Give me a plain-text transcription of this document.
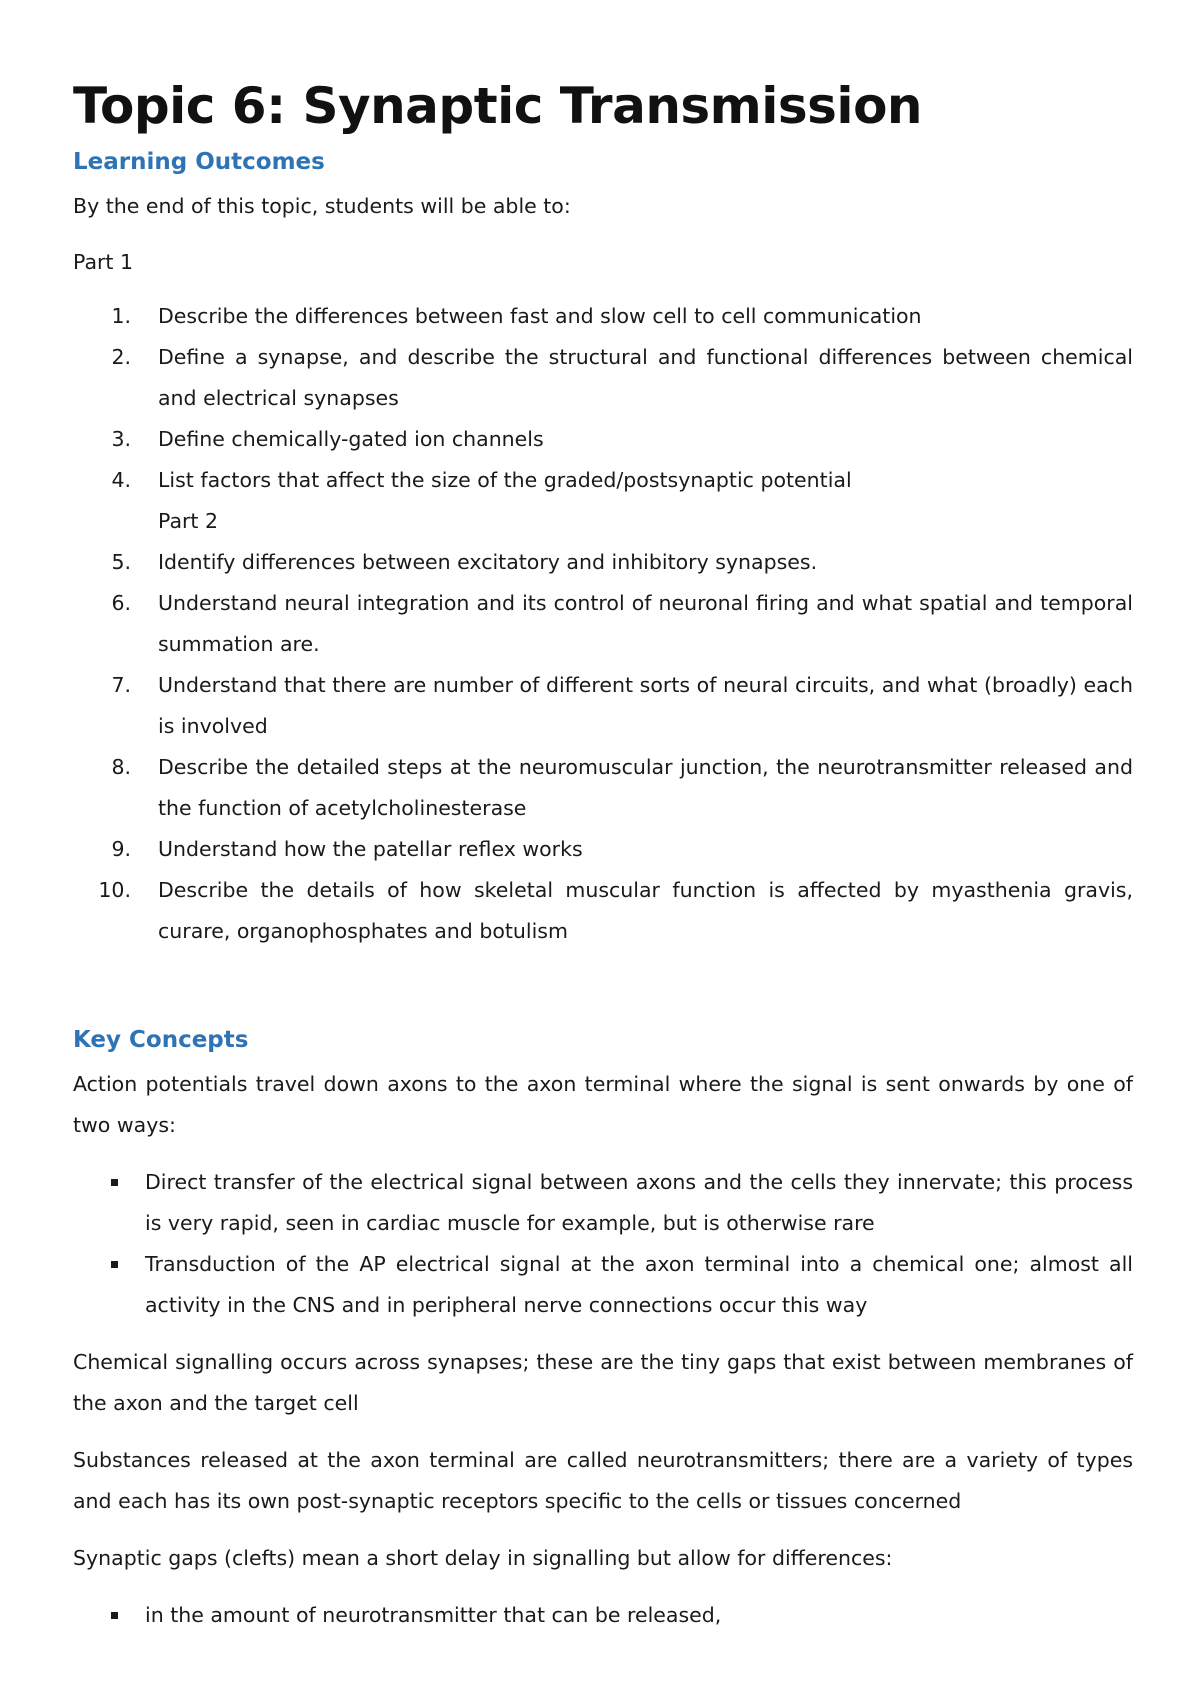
Topic 6: Synaptic Transmission
Learning Outcomes

By the end of this topic, students will be able to:

Part 1

1. Describe the differences between fast and slow cell to cell communication
2. Define a synapse, and describe the structural and functional differences between chemical and electrical synapses
3. Define chemically-gated ion channels
4. List factors that affect the size of the graded/postsynaptic potential
Part 2
5. Identify differences between excitatory and inhibitory synapses.
6. Understand neural integration and its control of neuronal firing and what spatial and temporal summation are.
7. Understand that there are number of different sorts of neural circuits, and what (broadly) each is involved
8. Describe the detailed steps at the neuromuscular junction, the neurotransmitter released and the function of acetylcholinesterase
9. Understand how the patellar reflex works
10. Describe the details of how skeletal muscular function is affected by myasthenia gravis, curare, organophosphates and botulism
Key Concepts

Action potentials travel down axons to the axon terminal where the signal is sent onwards by one of two ways:

Direct transfer of the electrical signal between axons and the cells they innervate; this process is very rapid, seen in cardiac muscle for example, but is otherwise rare
Transduction of the AP electrical signal at the axon terminal into a chemical one; almost all activity in the CNS and in peripheral nerve connections occur this way

Chemical signalling occurs across synapses; these are the tiny gaps that exist between membranes of the axon and the target cell

Substances released at the axon terminal are called neurotransmitters; there are a variety of types and each has its own post-synaptic receptors specific to the cells or tissues concerned

Synaptic gaps (clefts) mean a short delay in signalling but allow for differences:

in the amount of neurotransmitter that can be released,
